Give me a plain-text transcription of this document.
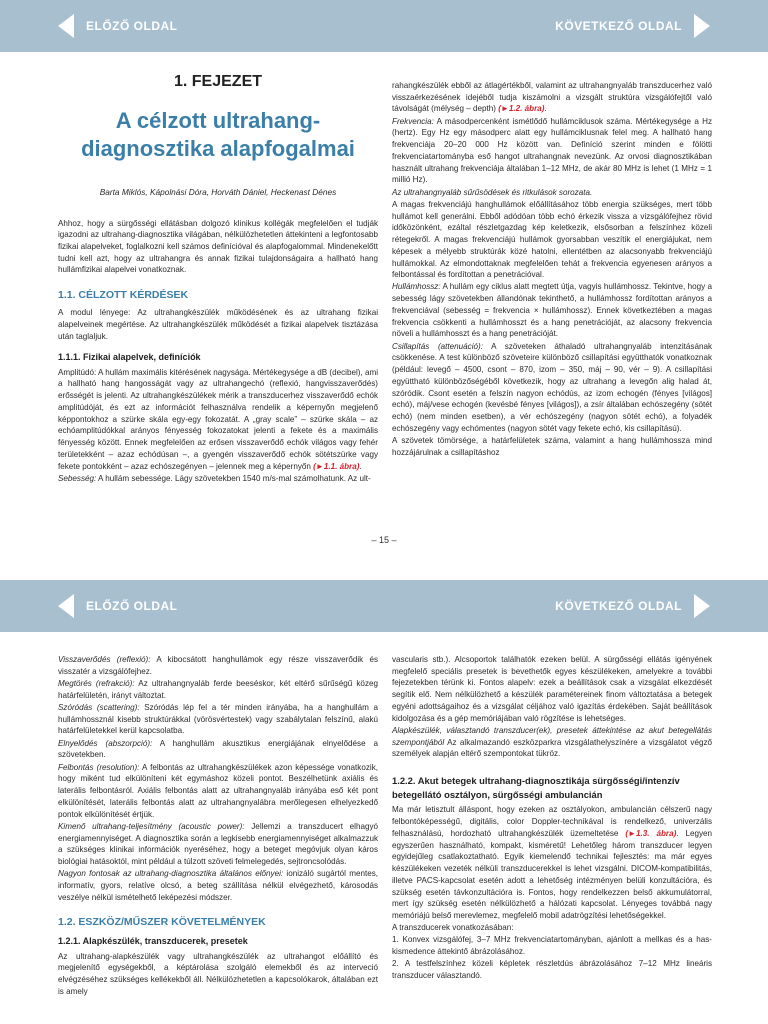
ELŐZŐ OLDAL	KÖVETKEZŐ OLDAL
1. FEJEZET
A célzott ultrahang-diagnosztika alapfogalmai
Barta Miklós, Kápolnási Dóra, Horváth Dániel, Heckenast Dénes

Ahhoz, hogy a sürgősségi ellátásban dolgozó klinikus kollégák megfelelően el tudják igazodni az ultrahang-diagnosztika világában, nélkülözhetetlen áttekinteni a legfontosabb fizikai alapelveket, foglalkozni kell számos definícióval és alapfogalommal. Mindenekelőtt tudni kell azt, hogy az ultrahangra és annak fizikai tulajdonságaira a hallható hang hullámfizikai alapelvei vonatkoznak.

1.1. CÉLZOTT KÉRDÉSEK

A modul lényege: Az ultrahangkészülék működésének és az ultrahang fizikai alapelveinek megértése. Az ultrahangkészülék működését a fizikai alapelvek tisztázása után taglaljuk.

1.1.1. Fizikai alapelvek, definíciók

Amplitúdó: A hullám maximális kitérésének nagysága. Mértékegysége a dB (decibel), ami a hallható hang hangosságát vagy az ultrahangechó (reflexió, hangvisszaverődés) erősségét is jelenti. Az ultrahangkészülékek mérik a transzducerhez visszaverődő echók amplitúdóját, és ezt az információt felhasználva rendelik a képernyőn megjelenő képpontokhoz a szürke skála egy-egy fokozatát. A „gray scale” – szürke skála – az echóamplitúdókkal arányos fényesség fokozatokat jelenti a fekete és a maximális fényesség között. Ennek megfelelően az erősen visszaverődő echók világos vagy fehér területekként – azaz echódúsan –, a gyengén visszaverődő echók sötétszürke vagy fekete pontokként – azaz echószegényen – jelennek meg a képernyőn (►1.1. ábra).

Sebesség: A hullám sebessége. Lágy szövetekben 1540 m/s-mal számolhatunk. Az ult-

rahangkészülék ebből az átlagértékből, valamint az ultrahangnyaláb transzducerhez való visszaérkezésének idejéből tudja kiszámolni a vizsgált struktúra vizsgálófejtől való távolságát (mélység – depth) (►1.2. ábra).

Frekvencia: A másodpercenként ismétlődő hullámciklusok száma. Mértékegysége a Hz (hertz). Egy Hz egy másodperc alatt egy hullámciklusnak felel meg. A hallható hang frekvenciája 20–20 000 Hz között van. Definíció szerint minden e fölötti frekvenciatartományba eső hangot ultrahangnak nevezünk. Az orvosi diagnosztikában használt ultrahang frekvenciája általában 1–12 MHz, de akár 80 MHz is lehet (1 MHz = 1 millió Hz).

Az ultrahangnyaláb sűrűsödések és ritkulások sorozata.

A magas frekvenciájú hanghullámok előállításához több energia szükséges, mert több hullámot kell generálni. Ebből adódóan több echó érkezik vissza a vizsgálófejhez rövid időközönként, ezáltal részletgazdag kép keletkezik, elsősorban a felszínhez közeli rétegekről. A magas frekvenciájú hullámok gyorsabban veszítik el energiájukat, nem képesek a mélyebb struktúrák közé hatolni, ellentétben az alacsonyabb frekvenciájú hullámokkal. Az elmondottaknak megfelelően tehát a frekvencia egyenesen arányos a felbontással és fordítottan a penetrációval.

Hullámhossz: A hullám egy ciklus alatt megtett útja, vagyis hullámhossz. Tekintve, hogy a sebesség lágy szövetekben állandónak tekinthető, a hullámhossz fordítottan arányos a frekvenciával (sebesség = frekvencia × hullámhossz). Ennek következtében a magas frekvencia csökkenti a hullámhosszt és a hang penetrációját, az alacsony frekvencia növeli a hullámhosszt és a hang penetrációját.

Csillapítás (attenuáció): A szöveteken áthaladó ultrahangnyaláb intenzitásának csökkenése. A test különböző szöveteire különböző csillapítási együtthatók vonatkoznak (például: levegő – 4500, csont – 870, izom – 350, máj – 90, vér – 9). A csillapítási együttható különbözőségéből következik, hogy az ultrahang a levegőn alig halad át, szóródik. Csont esetén a felszín nagyon echódús, az izom echogén (fényes [világos] echó), máj/vese echogén (kevésbé fényes [világos]), a zsír általában echószegény (sötét echó) (nem minden esetben), a vér echószegény (nagyon sötét echó), a folyadék echószegény vagy echómentes (nagyon sötét vagy fekete echó, kis csillapítású).

A szövetek tömörsége, a határfelületek száma, valamint a hang hullámhossza mind hozzájárulnak a csillapításhoz

– 15 –
ELŐZŐ OLDAL	KÖVETKEZŐ OLDAL

Visszaverődés (reflexió): A kibocsátott hanghullámok egy része visszaverődik és visszatér a vizsgálófejhez.

Megtörés (refrakció): Az ultrahangnyaláb ferde beeséskor, két eltérő sűrűségű közeg határfelületén, irányt változtat.

Szóródás (scattering): Szóródás lép fel a tér minden irányába, ha a hanghullám a hullámhossznál kisebb struktúrákkal (vörösvértestek) vagy szabálytalan felszínű, alakú határfelületekkel kerül kapcsolatba.

Elnyelődés (abszorpció): A hanghullám akusztikus energiájának elnyelődése a szövetekben.

Felbontás (resolution): A felbontás az ultrahangkészülékek azon képessége vonatkozik, hogy miként tud elkülöníteni két egymáshoz közeli pontot. Beszélhetünk axiális és laterális felbontásról. Axiális felbontás alatt az ultrahangnyaláb irányába eső két pont elkülönítését, laterális felbontás alatt az ultrahangnyalábra merőlegesen elhelyezkedő pontok elkülönítését értjük.

Kimenő ultrahang-teljesítmény (acoustic power): Jellemzi a transzducert elhagyó energiamennyiséget. A diagnosztika során a legkisebb energiamennyiséget alkalmazzuk a szükséges klinikai információk nyeréséhez, hogy a beteget megóvjuk olyan káros biológiai hatásoktól, mint például a túlzott szöveti felmelegedés, sejtroncsolódás.

Nagyon fontosak az ultrahang-diagnosztika általános előnyei: ionizáló sugártól mentes, informatív, gyors, relatíve olcsó, a beteg szállítása nélkül elvégezhető, károsodás veszélye nélkül ismételhető leképezési módszer.

1.2. ESZKÖZ/MŰSZER KÖVETELMÉNYEK
1.2.1. Alapkészülék, transzducerek, presetek

Az ultrahang-alapkészülék vagy ultrahangkészülék az ultrahangot előállító és megjelenítő egységekből, a képtárolása szolgáló elemekből és az interveció elvégzéséhez szükséges kellékekből áll. Nélkülözhetetlen a kapcsolókarok, általában ezt is amely

vascularis stb.). Alcsoportok találhatók ezeken belül. A sürgősségi ellátás igényének megfelelő speciális presetek is bevethetők egyes készülékeken, amelyekre a további fejezetekben térünk ki. Fontos alapelv: ezek a beállítások csak a vizsgálat elkezdését segítik elő. Nem nélkülözhető a készülék paramétereinek finom változtatása a betegek egyéni adottságaihoz és a vizsgálat céljához való igazítás érdekében. Saját beállítások kidolgozása és a gép memóriájában való rögzítése is lehetséges.

Alapkészülék, választandó transzducer(ek), presetek áttekintése az akut betegellátás szempontjából Az alkalmazandó eszközparkra vizsgálathelyszínére a vizsgálatot végző személyek alapján eltérő szempontokat tükröz.

1.2.2. Akut betegek ultrahang-diagnosztikája sürgősségi/intenzív betegellátó osztályon, sürgősségi ambulancián

Ma már letisztult álláspont, hogy ezeken az osztályokon, ambulancián célszerű nagy felbontóképességű, digitális, color Doppler-technikával is rendelkező, univerzális felhasználású, hordozható ultrahangkészülék üzemeltetése (►1.3. ábra). Legyen egyszerűen használható, kompakt, kisméretű! Lehetőleg három transzducer legyen egyidejűleg csatlakoztatható. Egyik kiemelendő technikai fejlesztés: ma már egyes készülékeken vezeték nélküli transzducerekkel is lehet vizsgálni. DICOM-kompatibilitás, illetve PACS-kapcsolat esetén adott a lehetőség intézményen belüli konzultációra, és szükség esetén távkonzultációra is. Fontos, hogy rendelkezzen belső akkumulátorral, mert így szükség esetén nélkülözhető a hálózati kapcsolat. Lényeges továbbá nagy memóriájú belső merevlemez, megfelelő mobil adatrögzítési lehetőségekkel.

A transzducerek vonatkozásában:

1. Konvex vizsgálófej, 3–7 MHz frekvenciatartományban, ajánlott a mellkas és a has-kismedence áttekintő ábrázolásához.

2. A testfelszínhez közeli képletek részletdús ábrázolásához 7–12 MHz lineáris transzducer választandó.
